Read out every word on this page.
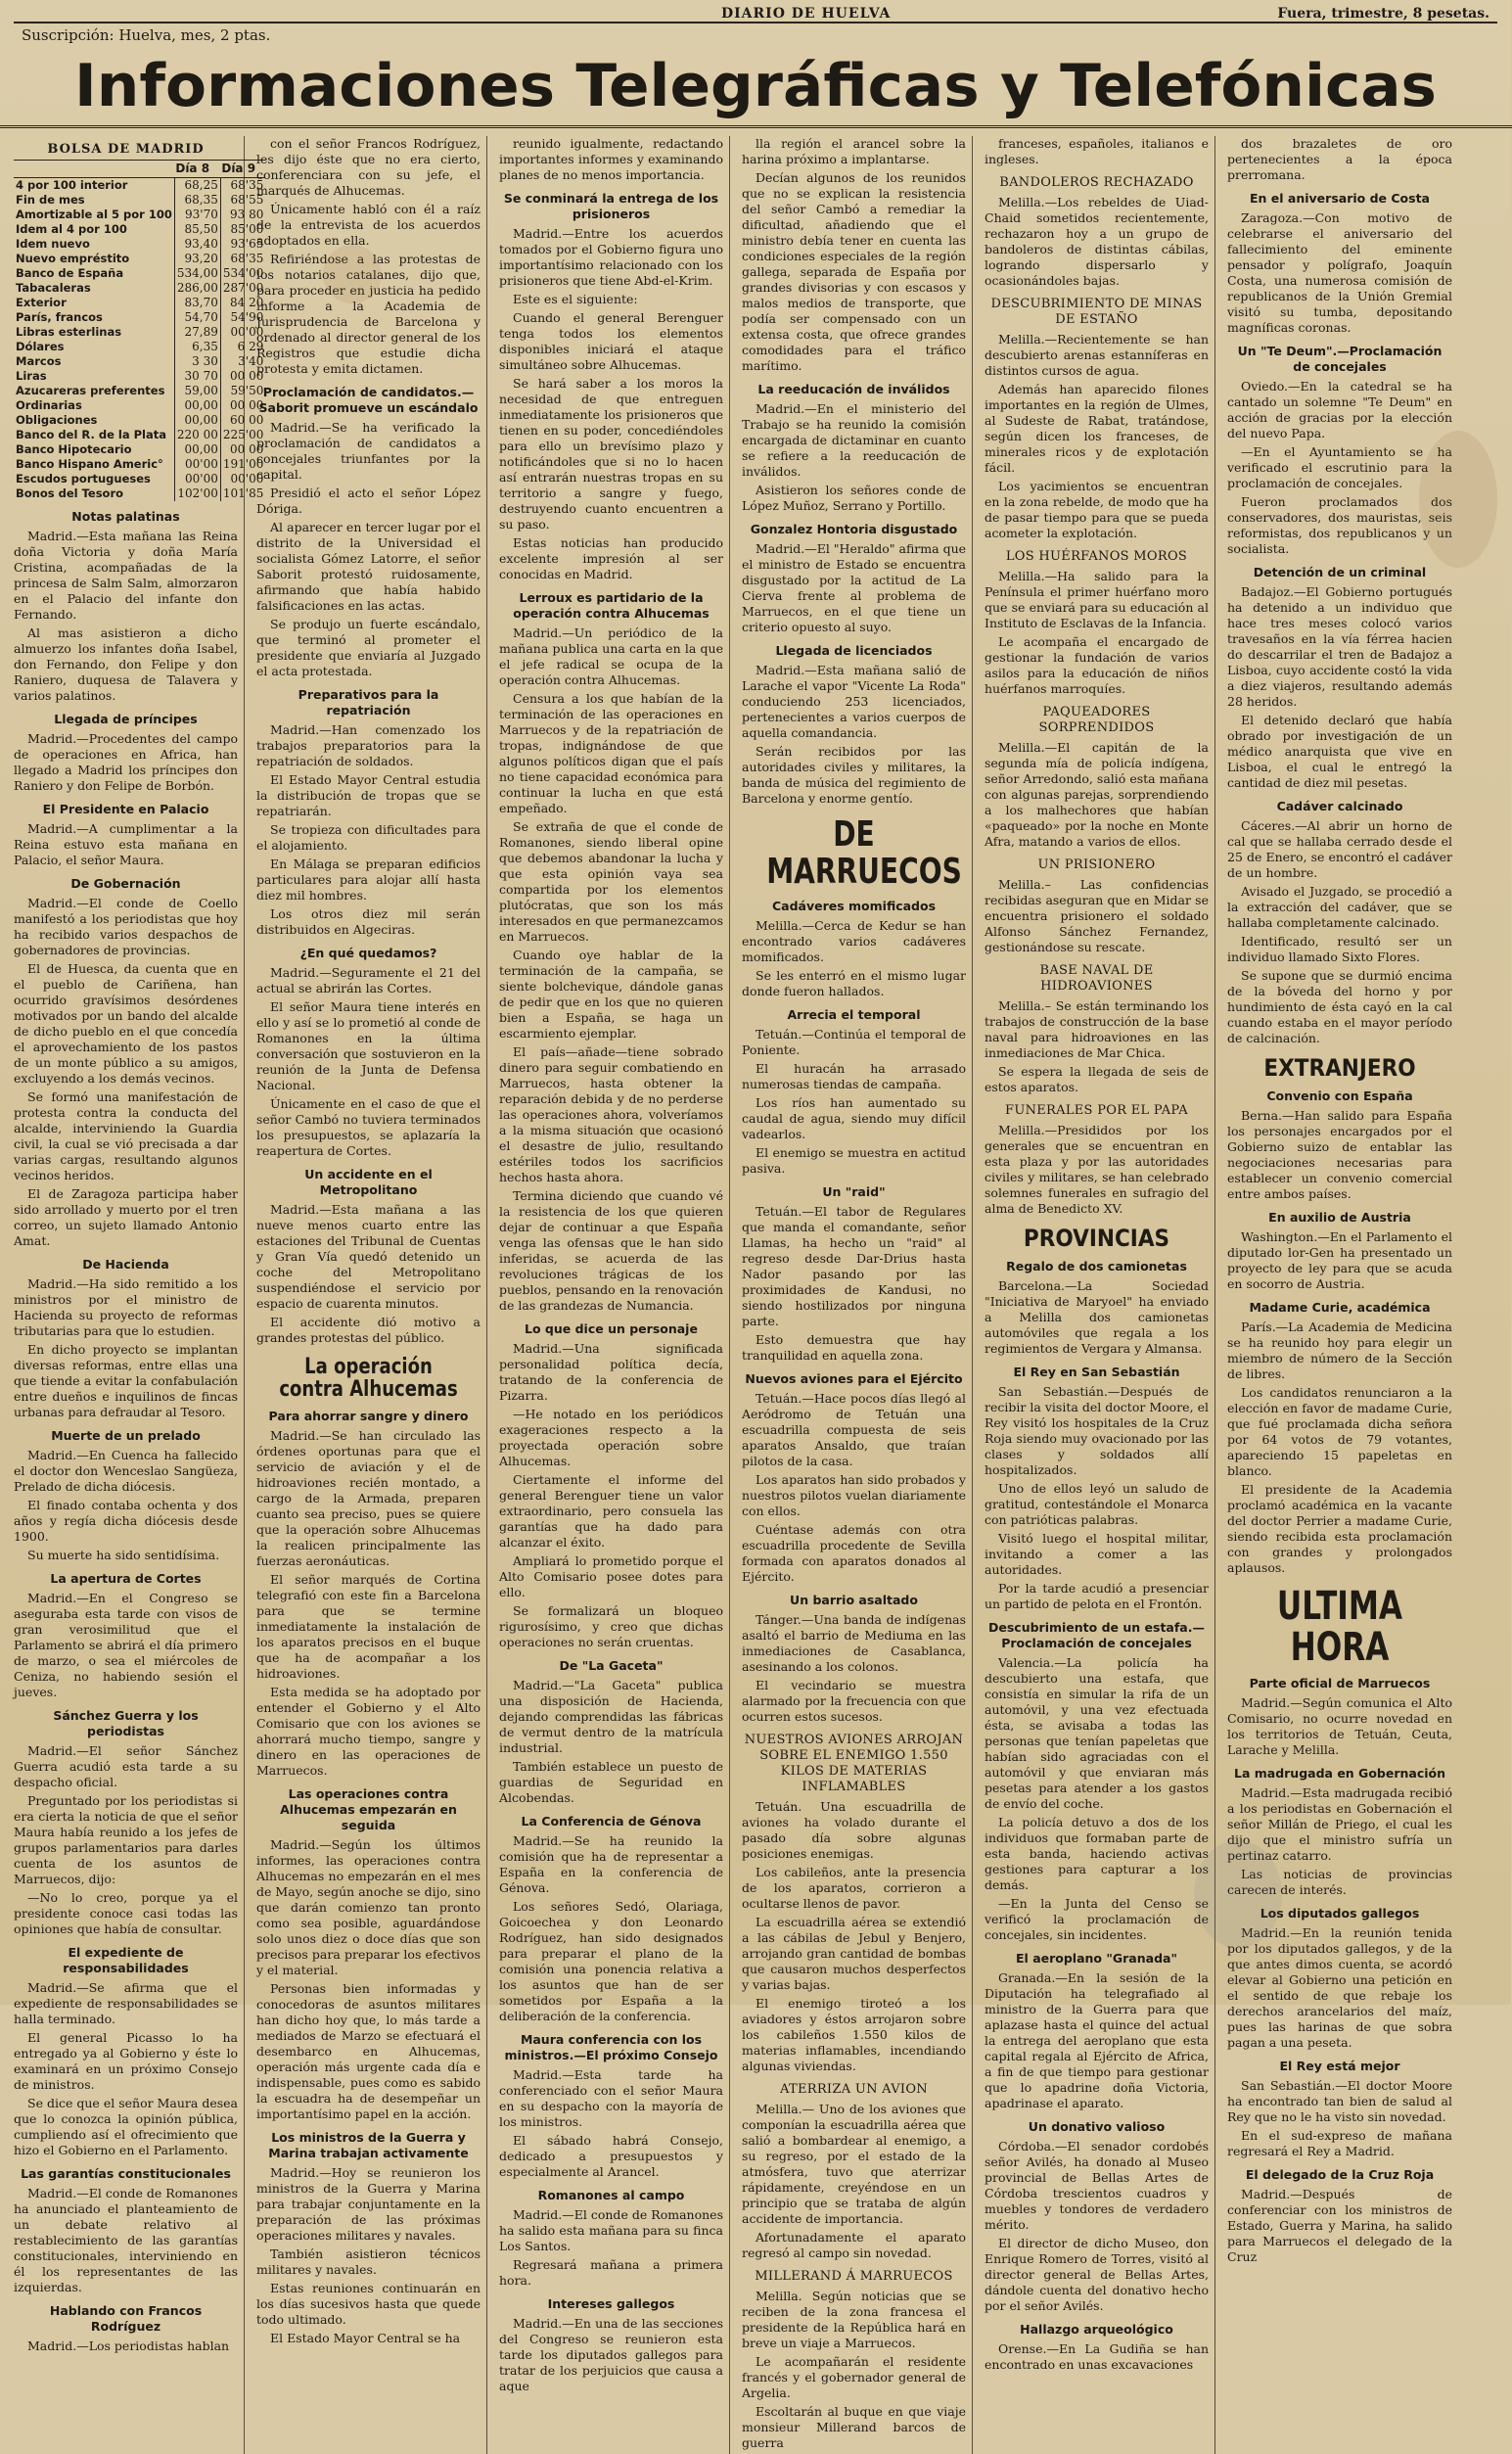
DIARIO DE HUELVA	Fuera, trimestre, 8 pesetas.
Suscripción: Huelva, mes, 2 ptas.
Informaciones Telegráficas y Telefónicas
BOLSA DE MADRID
	Día 8	Día 9
4 por 100 interior	68,25	68'35
Fin de mes	68,35	68'55
Amortizable al 5 por 100	93'70	93 80
Idem al 4 por 100	85,50	85'00
Idem nuevo	93,40	93'65
Nuevo empréstito	93,20	68'35
Banco de España	534,00	534'00
Tabacaleras	286,00	287'00
Exterior	83,70	84 20
París, francos	54,70	54'90
Libras esterlinas	27,89	00'00
Dólares	6,35	6 29
Marcos	3 30	3'40
Liras	30 70	00 00
Azucareras preferentes	59,00	59'50
Ordinarias	00,00	00 00
Obligaciones	00,00	60 00
Banco del R. de la Plata	220 00	225'00
Banco Hipotecario	00,00	00 00
Banco Hispano Americ°	00'00	191'00
Escudos portugueses	00'00	00'00
Bonos del Tesoro	102'00	101'85
Notas palatinas

Madrid.—Esta mañana las Reina doña Victoria y doña María Cristina, acompañadas de la princesa de Salm Salm, almorzaron en el Palacio del infante don Fernando.

Al mas asistieron a dicho almuerzo los infantes doña Isabel, don Fernando, don Felipe y don Raniero, duquesa de Talavera y varios palatinos.

Llegada de príncipes

Madrid.—Procedentes del campo de operaciones en Africa, han llegado a Madrid los príncipes don Raniero y don Felipe de Borbón.

El Presidente en Palacio

Madrid.—A cumplimentar a la Reina estuvo esta mañana en Palacio, el señor Maura.

De Gobernación

Madrid.—El conde de Coello manifestó a los periodistas que hoy ha recibido varios despachos de gobernadores de provincias.

El de Huesca, da cuenta que en el pueblo de Cariñena, han ocurrido gravísimos desórdenes motivados por un bando del alcalde de dicho pueblo en el que concedía el aprovechamiento de los pastos de un monte público a su amigos, excluyendo a los demás vecinos.

Se formó una manifestación de protesta contra la conducta del alcalde, interviniendo la Guardia civil, la cual se vió precisada a dar varias cargas, resultando algunos vecinos heridos.

El de Zaragoza participa haber sido arrollado y muerto por el tren correo, un sujeto llamado Antonio Amat.

De Hacienda

Madrid.—Ha sido remitido a los ministros por el ministro de Hacienda su proyecto de reformas tributarias para que lo estudien.

En dicho proyecto se implantan diversas reformas, entre ellas una que tiende a evitar la confabulación entre dueños e inquilinos de fincas urbanas para defraudar al Tesoro.

Muerte de un prelado

Madrid.—En Cuenca ha fallecido el doctor don Wenceslao Sangüeza, Prelado de dicha diócesis.

El finado contaba ochenta y dos años y regía dicha diócesis desde 1900.

Su muerte ha sido sentidísima.

La apertura de Cortes

Madrid.—En el Congreso se aseguraba esta tarde con visos de gran verosimilitud que el Parlamento se abrirá el día primero de marzo, o sea el miércoles de Ceniza, no habiendo sesión el jueves.

Sánchez Guerra y los periodistas

Madrid.—El señor Sánchez Guerra acudió esta tarde a su despacho oficial.

Preguntado por los periodistas si era cierta la noticia de que el señor Maura había reunido a los jefes de grupos parlamentarios para darles cuenta de los asuntos de Marruecos, dijo:

—No lo creo, porque ya el presidente conoce casi todas las opiniones que había de consultar.

El expediente de responsabilidades

Madrid.—Se afirma que el expediente de responsabilidades se halla terminado.

El general Picasso lo ha entregado ya al Gobierno y éste lo examinará en un próximo Consejo de ministros.

Se dice que el señor Maura desea que lo conozca la opinión pública, cumpliendo así el ofrecimiento que hizo el Gobierno en el Parlamento.

Las garantías constitucionales

Madrid.—El conde de Romanones ha anunciado el planteamiento de un debate relativo al restablecimiento de las garantías constitucionales, interviniendo en él los representantes de las izquierdas.

Hablando con Francos Rodríguez

Madrid.—Los periodistas hablan

con el señor Francos Rodríguez, les dijo éste que no era cierto, conferenciara con su jefe, el marqués de Alhucemas.

Únicamente habló con él a raíz de la entrevista de los acuerdos adoptados en ella.

Refiriéndose a las protestas de los notarios catalanes, dijo que, para proceder en justicia ha pedido informe a la Academia de Jurisprudencia de Barcelona y ordenado al director general de los Registros que estudie dicha protesta y emita dictamen.

Proclamación de candidatos.—Saborit promueve un escándalo

Madrid.—Se ha verificado la proclamación de candidatos a concejales triunfantes por la capital.

Presidió el acto el señor López Dóriga.

Al aparecer en tercer lugar por el distrito de la Universidad el socialista Gómez Latorre, el señor Saborit protestó ruidosamente, afirmando que había habido falsificaciones en las actas.

Se produjo un fuerte escándalo, que terminó al prometer el presidente que enviaría al Juzgado el acta protestada.

Preparativos para la repatriación

Madrid.—Han comenzado los trabajos preparatorios para la repatriación de soldados.

El Estado Mayor Central estudia la distribución de tropas que se repatriarán.

Se tropieza con dificultades para el alojamiento.

En Málaga se preparan edificios particulares para alojar allí hasta diez mil hombres.

Los otros diez mil serán distribuidos en Algeciras.

¿En qué quedamos?

Madrid.—Seguramente el 21 del actual se abrirán las Cortes.

El señor Maura tiene interés en ello y así se lo prometió al conde de Romanones en la última conversación que sostuvieron en la reunión de la Junta de Defensa Nacional.

Únicamente en el caso de que el señor Cambó no tuviera terminados los presupuestos, se aplazaría la reapertura de Cortes.

Un accidente en el Metropolitano

Madrid.—Esta mañana a las nueve menos cuarto entre las estaciones del Tribunal de Cuentas y Gran Vía quedó detenido un coche del Metropolitano suspendiéndose el servicio por espacio de cuarenta minutos.

El accidente dió motivo a grandes protestas del público.

La operación contra Alhucemas
Para ahorrar sangre y dinero

Madrid.—Se han circulado las órdenes oportunas para que el servicio de aviación y el de hidroaviones recién montado, a cargo de la Armada, preparen cuanto sea preciso, pues se quiere que la operación sobre Alhucemas la realicen principalmente las fuerzas aeronáuticas.

El señor marqués de Cortina telegrafió con este fin a Barcelona para que se termine inmediatamente la instalación de los aparatos precisos en el buque que ha de acompañar a los hidroaviones.

Esta medida se ha adoptado por entender el Gobierno y el Alto Comisario que con los aviones se ahorrará mucho tiempo, sangre y dinero en las operaciones de Marruecos.

Las operaciones contra Alhucemas empezarán en seguida

Madrid.—Según los últimos informes, las operaciones contra Alhucemas no empezarán en el mes de Mayo, según anoche se dijo, sino que darán comienzo tan pronto como sea posible, aguardándose solo unos diez o doce días que son precisos para preparar los efectivos y el material.

Personas bien informadas y conocedoras de asuntos militares han dicho hoy que, lo más tarde a mediados de Marzo se efectuará el desembarco en Alhucemas, operación más urgente cada día e indispensable, pues como es sabido la escuadra ha de desempeñar un importantísimo papel en la acción.

Los ministros de la Guerra y Marina trabajan activamente

Madrid.—Hoy se reunieron los ministros de la Guerra y Marina para trabajar conjuntamente en la preparación de las próximas operaciones militares y navales.

También asistieron técnicos militares y navales.

Estas reuniones continuarán en los días sucesivos hasta que quede todo ultimado.

El Estado Mayor Central se ha

reunido igualmente, redactando importantes informes y examinando planes de no menos importancia.

Se conminará la entrega de los prisioneros

Madrid.—Entre los acuerdos tomados por el Gobierno figura uno importantísimo relacionado con los prisioneros que tiene Abd-el-Krim.

Este es el siguiente:

Cuando el general Berenguer tenga todos los elementos disponibles iniciará el ataque simultáneo sobre Alhucemas.

Se hará saber a los moros la necesidad de que entreguen inmediatamente los prisioneros que tienen en su poder, concediéndoles para ello un brevísimo plazo y notificándoles que si no lo hacen así entrarán nuestras tropas en su territorio a sangre y fuego, destruyendo cuanto encuentren a su paso.

Estas noticias han producido excelente impresión al ser conocidas en Madrid.

Lerroux es partidario de la operación contra Alhucemas

Madrid.—Un periódico de la mañana publica una carta en la que el jefe radical se ocupa de la operación contra Alhucemas.

Censura a los que habían de la terminación de las operaciones en Marruecos y de la repatriación de tropas, indignándose de que algunos políticos digan que el país no tiene capacidad económica para continuar la lucha en que está empeñado.

Se extraña de que el conde de Romanones, siendo liberal opine que debemos abandonar la lucha y que esta opinión vaya sea compartida por los elementos plutócratas, que son los más interesados en que permanezcamos en Marruecos.

Cuando oye hablar de la terminación de la campaña, se siente bolchevique, dándole ganas de pedir que en los que no quieren bien a España, se haga un escarmiento ejemplar.

El país—añade—tiene sobrado dinero para seguir combatiendo en Marruecos, hasta obtener la reparación debida y de no perderse las operaciones ahora, volveríamos a la misma situación que ocasionó el desastre de julio, resultando estériles todos los sacrificios hechos hasta ahora.

Termina diciendo que cuando vé la resistencia de los que quieren dejar de continuar a que España venga las ofensas que le han sido inferidas, se acuerda de las revoluciones trágicas de los pueblos, pensando en la renovación de las grandezas de Numancia.

Lo que dice un personaje

Madrid.—Una significada personalidad política decía, tratando de la conferencia de Pizarra.

—He notado en los periódicos exageraciones respecto a la proyectada operación sobre Alhucemas.

Ciertamente el informe del general Berenguer tiene un valor extraordinario, pero consuela las garantías que ha dado para alcanzar el éxito.

Ampliará lo prometido porque el Alto Comisario posee dotes para ello.

Se formalizará un bloqueo rigurosísimo, y creo que dichas operaciones no serán cruentas.

De "La Gaceta"

Madrid.—"La Gaceta" publica una disposición de Hacienda, dejando comprendidas las fábricas de vermut dentro de la matrícula industrial.

También establece un puesto de guardias de Seguridad en Alcobendas.

La Conferencia de Génova

Madrid.—Se ha reunido la comisión que ha de representar a España en la conferencia de Génova.

Los señores Sedó, Olariaga, Goicoechea y don Leonardo Rodríguez, han sido designados para preparar el plano de la comisión una ponencia relativa a los asuntos que han de ser sometidos por España a la deliberación de la conferencia.

Maura conferencia con los ministros.—El próximo Consejo

Madrid.—Esta tarde ha conferenciado con el señor Maura en su despacho con la mayoría de los ministros.

El sábado habrá Consejo, dedicado a presupuestos y especialmente al Arancel.

Romanones al campo

Madrid.—El conde de Romanones ha salido esta mañana para su finca Los Santos.

Regresará mañana a primera hora.

Intereses gallegos

Madrid.—En una de las secciones del Congreso se reunieron esta tarde los diputados gallegos para tratar de los perjuicios que causa a aque

lla región el arancel sobre la harina próximo a implantarse.

Decían algunos de los reunidos que no se explican la resistencia del señor Cambó a remediar la dificultad, añadiendo que el ministro debía tener en cuenta las condiciones especiales de la región gallega, separada de España por grandes divisorias y con escasos y malos medios de transporte, que podía ser compensado con un extensa costa, que ofrece grandes comodidades para el tráfico marítimo.

La reeducación de inválidos

Madrid.—En el ministerio del Trabajo se ha reunido la comisión encargada de dictaminar en cuanto se refiere a la reeducación de inválidos.

Asistieron los señores conde de López Muñoz, Serrano y Portillo.

Gonzalez Hontoria disgustado

Madrid.—El "Heraldo" afirma que el ministro de Estado se encuentra disgustado por la actitud de La Cierva frente al problema de Marruecos, en el que tiene un criterio opuesto al suyo.

Llegada de licenciados

Madrid.—Esta mañana salió de Larache el vapor "Vicente La Roda" conduciendo 253 licenciados, pertenecientes a varios cuerpos de aquella comandancia.

Serán recibidos por las autoridades civiles y militares, la banda de música del regimiento de Barcelona y enorme gentío.

DE MARRUECOS
Cadáveres momificados

Melilla.—Cerca de Kedur se han encontrado varios cadáveres momificados.

Se les enterró en el mismo lugar donde fueron hallados.

Arrecia el temporal

Tetuán.—Continúa el temporal de Poniente.

El huracán ha arrasado numerosas tiendas de campaña.

Los ríos han aumentado su caudal de agua, siendo muy difícil vadearlos.

El enemigo se muestra en actitud pasiva.

Un "raid"

Tetuán.—El tabor de Regulares que manda el comandante, señor Llamas, ha hecho un "raid" al regreso desde Dar-Drius hasta Nador pasando por las proximidades de Kandusi, no siendo hostilizados por ninguna parte.

Esto demuestra que hay tranquilidad en aquella zona.

Nuevos aviones para el Ejército

Tetuán.—Hace pocos días llegó al Aeródromo de Tetuán una escuadrilla compuesta de seis aparatos Ansaldo, que traían pilotos de la casa.

Los aparatos han sido probados y nuestros pilotos vuelan diariamente con ellos.

Cuéntase además con otra escuadrilla procedente de Sevilla formada con aparatos donados al Ejército.

Un barrio asaltado

Tánger.—Una banda de indígenas asaltó el barrio de Mediuma en las inmediaciones de Casablanca, asesinando a los colonos.

El vecindario se muestra alarmado por la frecuencia con que ocurren estos sucesos.

NUESTROS AVIONES ARROJAN SOBRE EL ENEMIGO 1.550 KILOS DE MATERIAS INFLAMABLES

Tetuán. Una escuadrilla de aviones ha volado durante el pasado día sobre algunas posiciones enemigas.

Los cabileños, ante la presencia de los aparatos, corrieron a ocultarse llenos de pavor.

La escuadrilla aérea se extendió a las cábilas de Jebul y Benjero, arrojando gran cantidad de bombas que causaron muchos desperfectos y varias bajas.

El enemigo tiroteó a los aviadores y éstos arrojaron sobre los cabileños 1.550 kilos de materias inflamables, incendiando algunas viviendas.

ATERRIZA UN AVION

Melilla.— Uno de los aviones que componían la escuadrilla aérea que salió a bombardear al enemigo, a su regreso, por el estado de la atmósfera, tuvo que aterrizar rápidamente, creyéndose en un principio que se trataba de algún accidente de importancia.

Afortunadamente el aparato regresó al campo sin novedad.

MILLERAND Á MARRUECOS

Melilla. Según noticias que se reciben de la zona francesa el presidente de la República hará en breve un viaje a Marruecos.

Le acompañarán el residente francés y el gobernador general de Argelia.

Escoltarán al buque en que viaje monsieur Millerand barcos de guerra

franceses, españoles, italianos e ingleses.

BANDOLEROS RECHAZADO

Melilla.—Los rebeldes de Uiad-Chaid sometidos recientemente, rechazaron hoy a un grupo de bandoleros de distintas cábilas, logrando dispersarlo y ocasionándoles bajas.

DESCUBRIMIENTO DE MINAS DE ESTAÑO

Melilla.—Recientemente se han descubierto arenas estanníferas en distintos cursos de agua.

Además han aparecido filones importantes en la región de Ulmes, al Sudeste de Rabat, tratándose, según dicen los franceses, de minerales ricos y de explotación fácil.

Los yacimientos se encuentran en la zona rebelde, de modo que ha de pasar tiempo para que se pueda acometer la explotación.

LOS HUÉRFANOS MOROS

Melilla.—Ha salido para la Península el primer huérfano moro que se enviará para su educación al Instituto de Esclavas de la Infancia.

Le acompaña el encargado de gestionar la fundación de varios asilos para la educación de niños huérfanos marroquíes.

PAQUEADORES SORPRENDIDOS

Melilla.—El capitán de la segunda mía de policía indígena, señor Arredondo, salió esta mañana con algunas parejas, sorprendiendo a los malhechores que habían «paqueado» por la noche en Monte Afra, matando a varios de ellos.

UN PRISIONERO

Melilla.– Las confidencias recibidas aseguran que en Midar se encuentra prisionero el soldado Alfonso Sánchez Fernandez, gestionándose su rescate.

BASE NAVAL DE HIDROAVIONES

Melilla.– Se están terminando los trabajos de construcción de la base naval para hidroaviones en las inmediaciones de Mar Chica.

Se espera la llegada de seis de estos aparatos.

FUNERALES POR EL PAPA

Melilla.—Presididos por los generales que se encuentran en esta plaza y por las autoridades civiles y militares, se han celebrado solemnes funerales en sufragio del alma de Benedicto XV.

PROVINCIAS
Regalo de dos camionetas

Barcelona.—La Sociedad "Iniciativa de Maryoel" ha enviado a Melilla dos camionetas automóviles que regala a los regimientos de Vergara y Almansa.

El Rey en San Sebastián

San Sebastián.—Después de recibir la visita del doctor Moore, el Rey visitó los hospitales de la Cruz Roja siendo muy ovacionado por las clases y soldados allí hospitalizados.

Uno de ellos leyó un saludo de gratitud, contestándole el Monarca con patrióticas palabras.

Visitó luego el hospital militar, invitando a comer a las autoridades.

Por la tarde acudió a presenciar un partido de pelota en el Frontón.

Descubrimiento de un estafa.—Proclamación de concejales

Valencia.—La policía ha descubierto una estafa, que consistía en simular la rifa de un automóvil, y una vez efectuada ésta, se avisaba a todas las personas que tenían papeletas que habían sido agraciadas con el automóvil y que enviaran más pesetas para atender a los gastos de envío del coche.

La policía detuvo a dos de los individuos que formaban parte de esta banda, haciendo activas gestiones para capturar a los demás.

—En la Junta del Censo se verificó la proclamación de concejales, sin incidentes.

El aeroplano "Granada"

Granada.—En la sesión de la Diputación ha telegrafiado al ministro de la Guerra para que aplazase hasta el quince del actual la entrega del aeroplano que esta capital regala al Ejército de Africa, a fin de que tiempo para gestionar que lo apadrine doña Victoria, apadrinase el aparato.

Un donativo valioso

Córdoba.—El senador cordobés señor Avilés, ha donado al Museo provincial de Bellas Artes de Córdoba trescientos cuadros y muebles y tondores de verdadero mérito.

El director de dicho Museo, don Enrique Romero de Torres, visitó al director general de Bellas Artes, dándole cuenta del donativo hecho por el señor Avilés.

Hallazgo arqueológico

Orense.—En La Gudiña se han encontrado en unas excavaciones

dos brazaletes de oro pertenecientes a la época prerromana.

En el aniversario de Costa

Zaragoza.—Con motivo de celebrarse el aniversario del fallecimiento del eminente pensador y polígrafo, Joaquín Costa, una numerosa comisión de republicanos de la Unión Gremial visitó su tumba, depositando magníficas coronas.

Un "Te Deum".—Proclamación de concejales

Oviedo.—En la catedral se ha cantado un solemne "Te Deum" en acción de gracias por la elección del nuevo Papa.

—En el Ayuntamiento se ha verificado el escrutinio para la proclamación de concejales.

Fueron proclamados dos conservadores, dos mauristas, seis reformistas, dos republicanos y un socialista.

Detención de un criminal

Badajoz.—El Gobierno portugués ha detenido a un individuo que hace tres meses colocó varios travesaños en la vía férrea hacien do descarrilar el tren de Badajoz a Lisboa, cuyo accidente costó la vida a diez viajeros, resultando además 28 heridos.

El detenido declaró que había obrado por investigación de un médico anarquista que vive en Lisboa, el cual le entregó la cantidad de diez mil pesetas.

Cadáver calcinado

Cáceres.—Al abrir un horno de cal que se hallaba cerrado desde el 25 de Enero, se encontró el cadáver de un hombre.

Avisado el Juzgado, se procedió a la extracción del cadáver, que se hallaba completamente calcinado.

Identificado, resultó ser un individuo llamado Sixto Flores.

Se supone que se durmió encima de la bóveda del horno y por hundimiento de ésta cayó en la cal cuando estaba en el mayor período de calcinación.

EXTRANJERO
Convenio con España

Berna.—Han salido para España los personajes encargados por el Gobierno suizo de entablar las negociaciones necesarias para establecer un convenio comercial entre ambos países.

En auxilio de Austria

Washington.—En el Parlamento el diputado lor-Gen ha presentado un proyecto de ley para que se acuda en socorro de Austria.

Madame Curie, académica

París.—La Academia de Medicina se ha reunido hoy para elegir un miembro de número de la Sección de libres.

Los candidatos renunciaron a la elección en favor de madame Curie, que fué proclamada dicha señora por 64 votos de 79 votantes, apareciendo 15 papeletas en blanco.

El presidente de la Academia proclamó académica en la vacante del doctor Perrier a madame Curie, siendo recibida esta proclamación con grandes y prolongados aplausos.

ULTIMA HORA
Parte oficial de Marruecos

Madrid.—Según comunica el Alto Comisario, no ocurre novedad en los territorios de Tetuán, Ceuta, Larache y Melilla.

La madrugada en Gobernación

Madrid.—Esta madrugada recibió a los periodistas en Gobernación el señor Millán de Priego, el cual les dijo que el ministro sufría un pertinaz catarro.

Las noticias de provincias carecen de interés.

Los diputados gallegos

Madrid.—En la reunión tenida por los diputados gallegos, y de la que antes dimos cuenta, se acordó elevar al Gobierno una petición en el sentido de que rebaje los derechos arancelarios del maíz, pues las harinas de que sobra pagan a una peseta.

El Rey está mejor

San Sebastián.—El doctor Moore ha encontrado tan bien de salud al Rey que no le ha visto sin novedad.

En el sud-expreso de mañana regresará el Rey a Madrid.

El delegado de la Cruz Roja

Madrid.—Después de conferenciar con los ministros de Estado, Guerra y Marina, ha salido para Marruecos el delegado de la Cruz
